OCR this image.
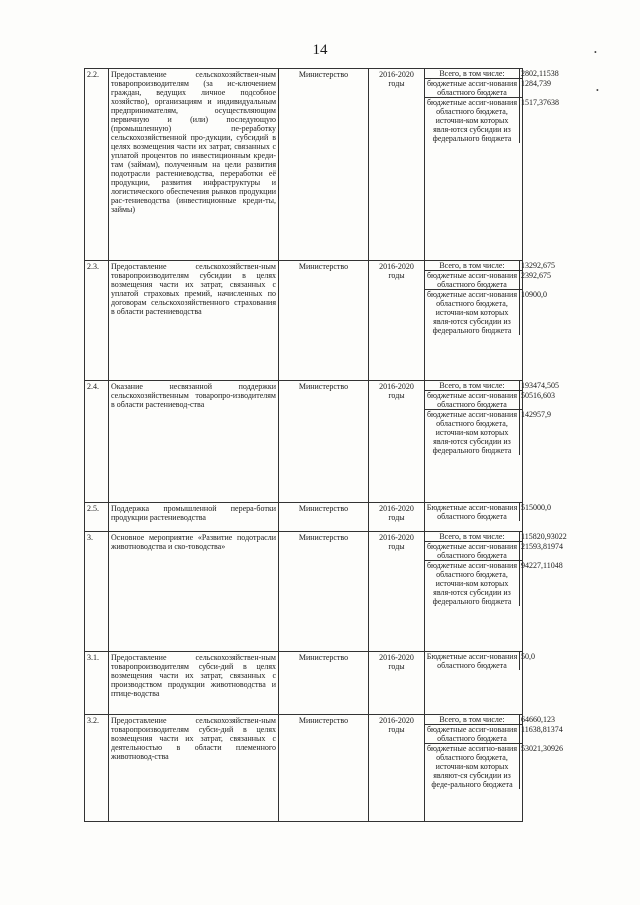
14	•
•
2.2.	Предоставление сельскохозяйствен-ным товаропроизводителям (за ис-ключением граждан, ведущих личное подсобное хозяйство), организациям и индивидуальным предпринимателям, осуществляющим первичную и (или) последующую (промышленную) пе-реработку сельскохозяйственной про-дукции, субсидий в целях возмещения части их затрат, связанных с уплатой процентов по инвестиционным креди-там (займам), полученным на цели развития подотрасли растениеводства, переработки её продукции, развития инфраструктуры и логистического обеспечения рынков продукции рас-тениеводства (инвестиционные креди-ты, займы)	Министерство	2016-2020 годы	
Всего, в том числе:	2802,11538
бюджетные ассиг-нования областного бюджета	1284,739
бюджетные ассиг-нования областного бюджета, источни-ком которых явля-ются субсидии из федерального бюджета	1517,37638

2.3.	Предоставление сельскохозяйствен-ным товаропроизводителям субсидии в целях возмещения части их затрат, связанных с уплатой страховых премий, начисленных по договорам сельскохозяйственного страхования в области растениеводства	Министерство	2016-2020 годы	
Всего, в том числе:	13292,675
бюджетные ассиг-нования областного бюджета	2392,675
бюджетные ассиг-нования областного бюджета, источни-ком которых явля-ются субсидии из федерального бюджета	10900,0

2.4.	Оказание несвязанной поддержки сельскохозяйственным товаропро-изводителям в области растениевод-ства	Министерство	2016-2020 годы	
Всего, в том числе:	193474,505
бюджетные ассиг-нования областного бюджета	50516,603
бюджетные ассиг-нования областного бюджета, источни-ком которых явля-ются субсидии из федерального бюджета	142957,9

2.5.	Поддержка промышленной перера-ботки продукции растениеводства	Министерство	2016-2020 годы	
Бюджетные ассиг-нования областного бюджета	515000,0

3.	Основное мероприятие «Развитие подотрасли животноводства и ско-товодства»	Министерство	2016-2020 годы	
Всего, в том числе:	115820,93022
бюджетные ассиг-нования областного бюджета	21593,81974
бюджетные ассиг-нования областного бюджета, источни-ком которых явля-ются субсидии из федерального бюджета	94227,11048

3.1.	Предоставление сельскохозяйствен-ным товаропроизводителям субси-дий в целях возмещения части их затрат, связанных с производством продукции животноводства и птице-водства	Министерство	2016-2020 годы	
Бюджетные ассиг-нования областного бюджета	50,0

3.2.	Предоставление сельскохозяйствен-ным товаропроизводителям субси-дий в целях возмещения части их затрат, связанных с деятельностью в области племенного животновод-ства	Министерство	2016-2020 годы	
Всего, в том числе:	64660,123
бюджетные ассиг-нования областного бюджета	11638,81374
бюджетные ассигно-вания областного бюджета, источни-ком которых являют-ся субсидии из феде-рального бюджета	53021,30926
